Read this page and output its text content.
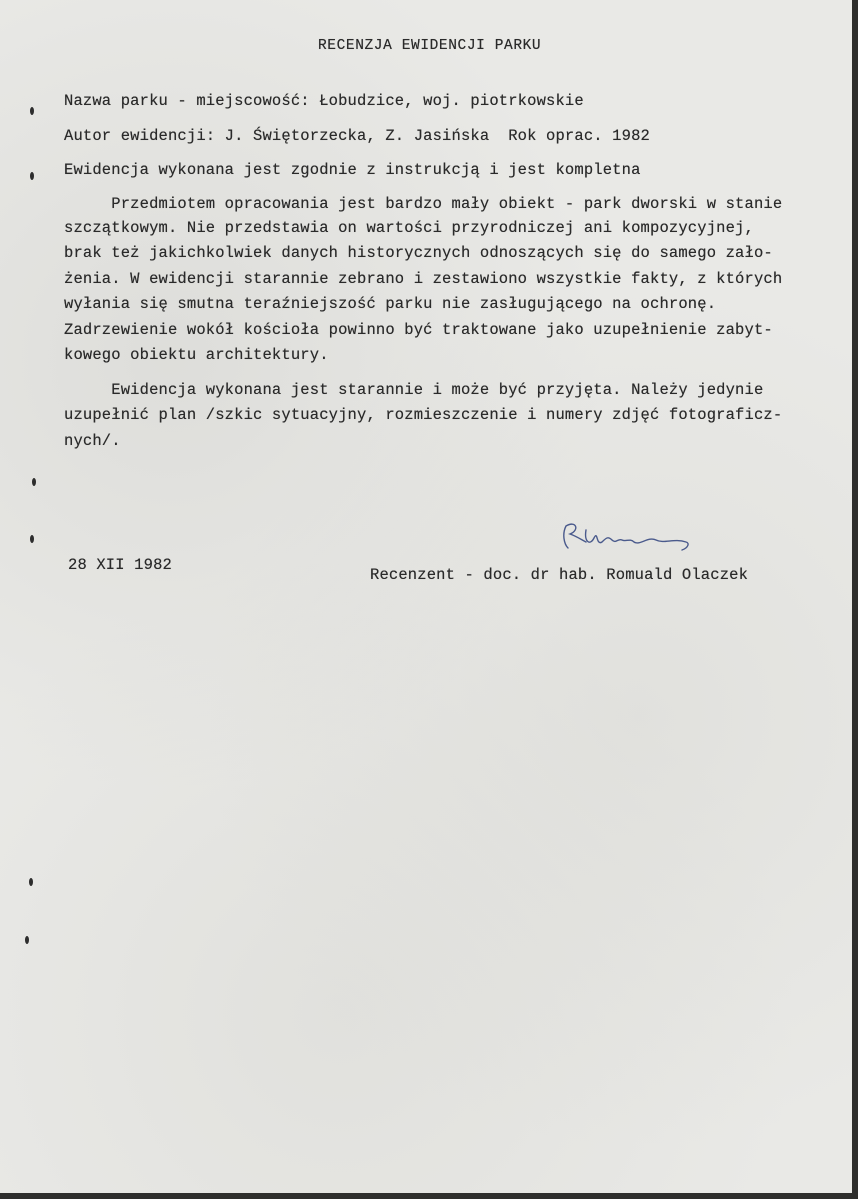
RECENZJA EWIDENCJI PARKU
Nazwa parku - miejscowość: Łobudzice, woj. piotrkowskie
Autor ewidencji: J. Świętorzecka, Z. Jasińska  Rok oprac. 1982
Ewidencja wykonana jest zgodnie z instrukcją i jest kompletna
Przedmiotem opracowania jest bardzo mały obiekt - park dworski w stanie
szczątkowym. Nie przedstawia on wartości przyrodniczej ani kompozycyjnej,
brak też jakichkolwiek danych historycznych odnoszących się do samego zało-
żenia. W ewidencji starannie zebrano i zestawiono wszystkie fakty, z których
wyłania się smutna teraźniejszość parku nie zasługującego na ochronę.
Zadrzewienie wokół kościoła powinno być traktowane jako uzupełnienie zabyt-
kowego obiektu architektury.
Ewidencja wykonana jest starannie i może być przyjęta. Należy jedynie
uzupełnić plan /szkic sytuacyjny, rozmieszczenie i numery zdjęć fotograficz-
nych/.
28 XII 1982
Recenzent - doc. dr hab. Romuald Olaczek
